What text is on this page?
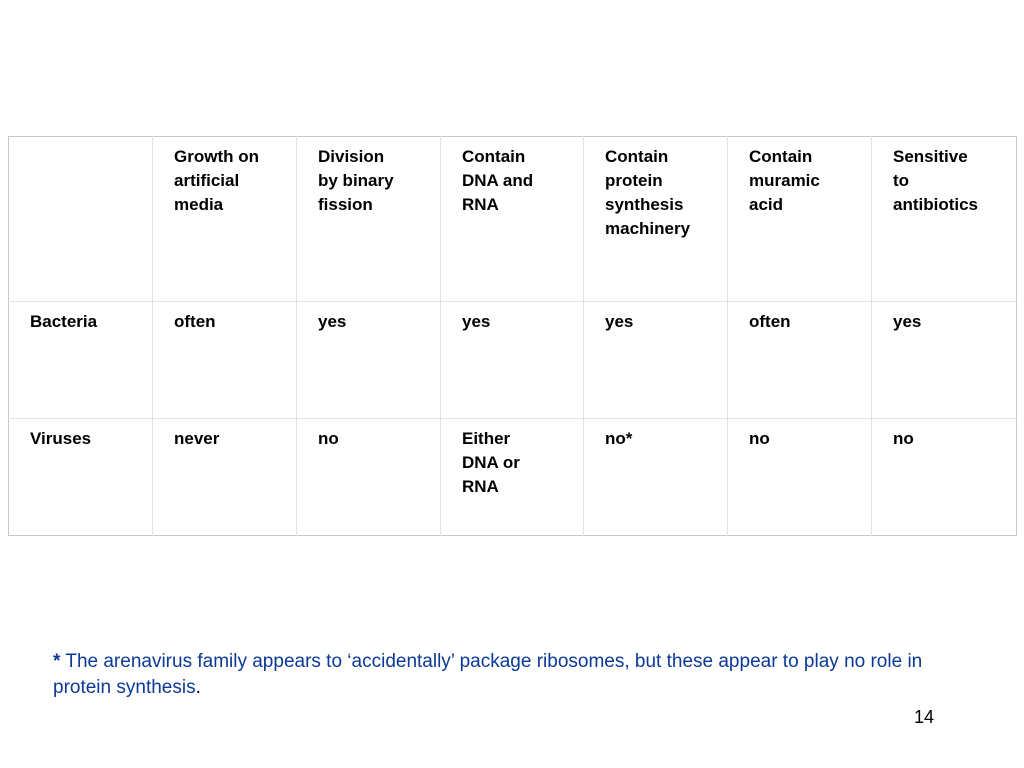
	Growth on
artificial
media	Division
by binary
fission	Contain
DNA and
RNA	Contain
protein
synthesis
machinery	Contain
muramic
acid	Sensitive
to
antibiotics
Bacteria	often	yes	yes	yes	often	yes
Viruses	never	no	Either
DNA or
RNA	no*	no	no
* The arenavirus family appears to ‘accidentally’ package ribosomes, but these appear to play no role in protein synthesis.
14
